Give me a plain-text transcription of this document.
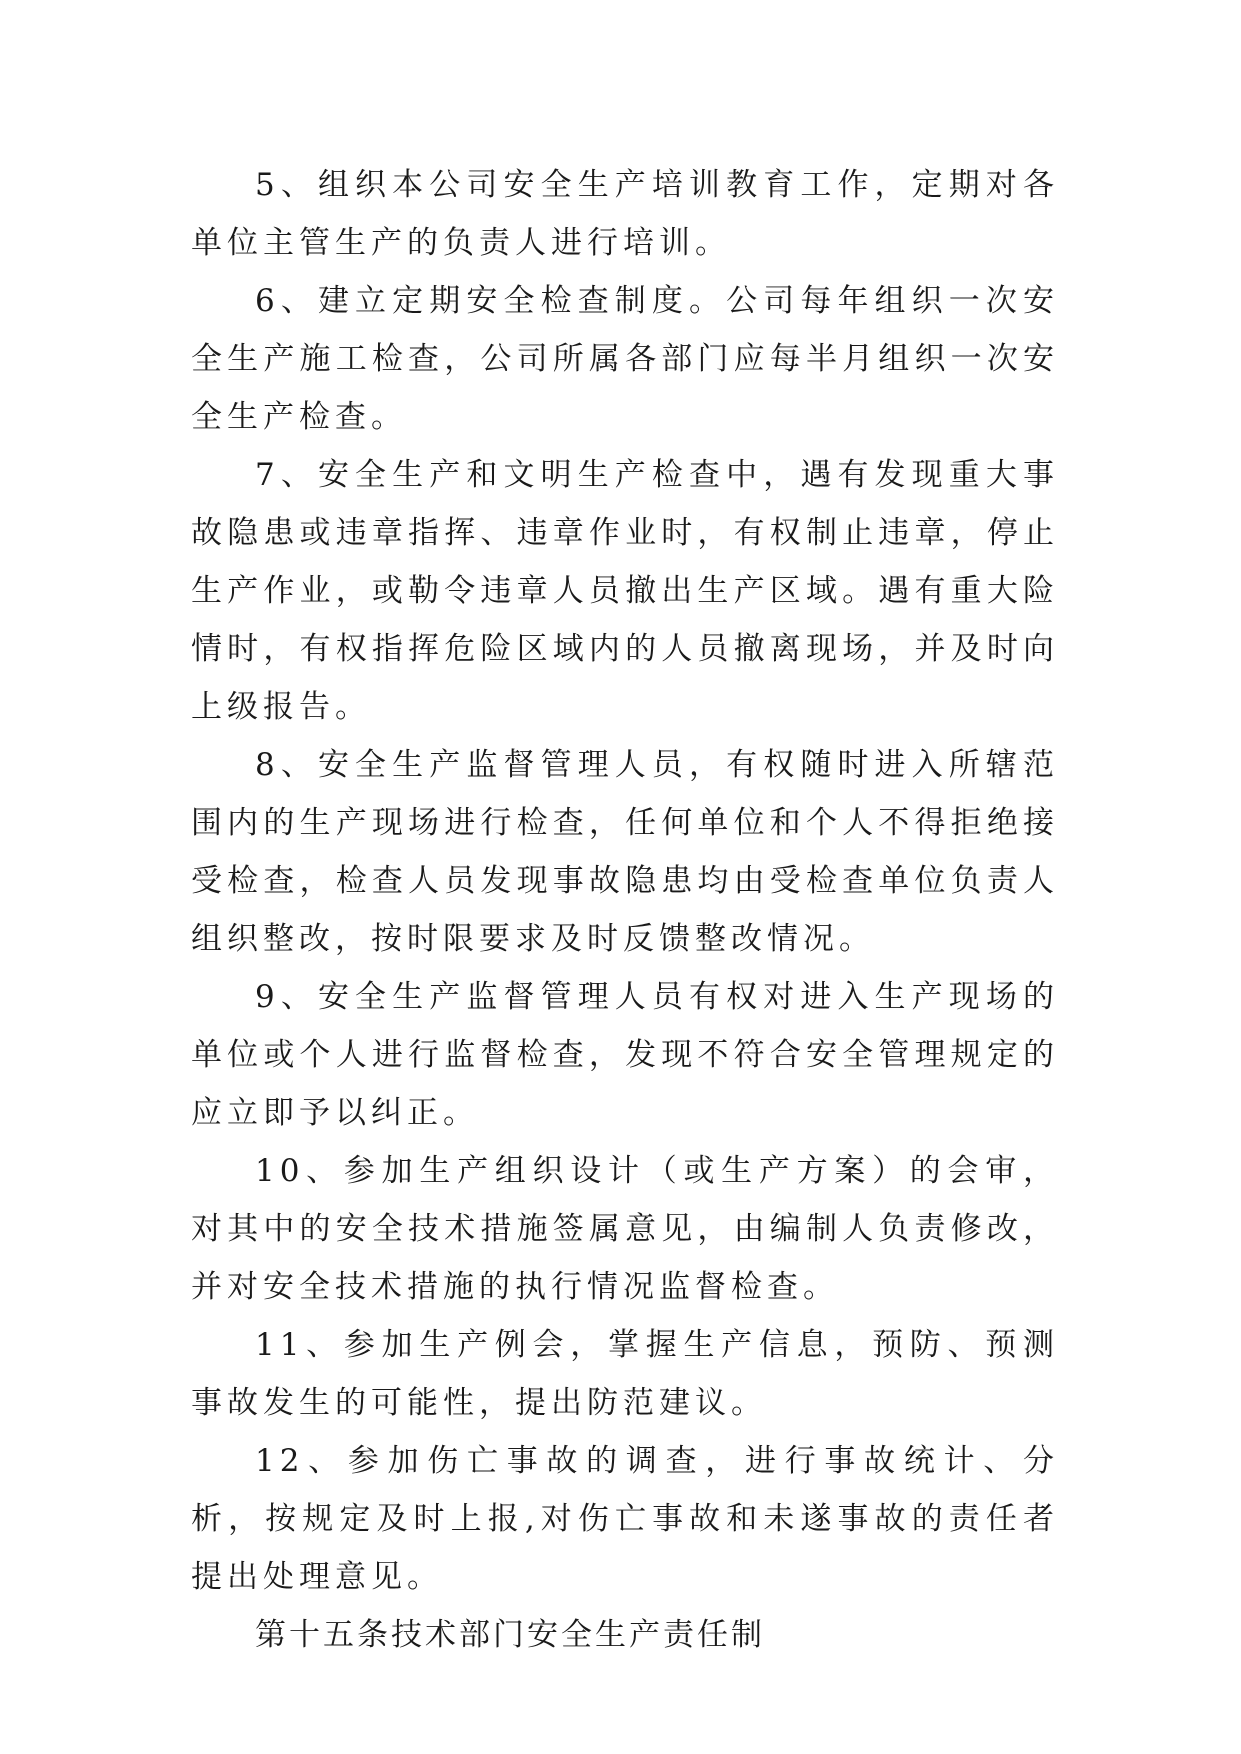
5、组织本公司安全生产培训教育工作，定期对各单位主管生产的负责人进行培训。

6、建立定期安全检查制度。公司每年组织一次安全生产施工检查，公司所属各部门应每半月组织一次安全生产检查。

7、安全生产和文明生产检查中，遇有发现重大事故隐患或违章指挥、违章作业时，有权制止违章，停止生产作业，或勒令违章人员撤出生产区域。遇有重大险情时，有权指挥危险区域内的人员撤离现场，并及时向上级报告。

8、安全生产监督管理人员，有权随时进入所辖范围内的生产现场进行检查，任何单位和个人不得拒绝接受检查，检查人员发现事故隐患均由受检查单位负责人组织整改，按时限要求及时反馈整改情况。

9、安全生产监督管理人员有权对进入生产现场的单位或个人进行监督检查，发现不符合安全管理规定的应立即予以纠正。

10、参加生产组织设计（或生产方案）的会审，对其中的安全技术措施签属意见，由编制人负责修改，并对安全技术措施的执行情况监督检查。

11、参加生产例会，掌握生产信息，预防、预测事故发生的可能性，提出防范建议。

12、参加伤亡事故的调查，进行事故统计、分析，按规定及时上报,对伤亡事故和未遂事故的责任者提出处理意见。

第十五条技术部门安全生产责任制
